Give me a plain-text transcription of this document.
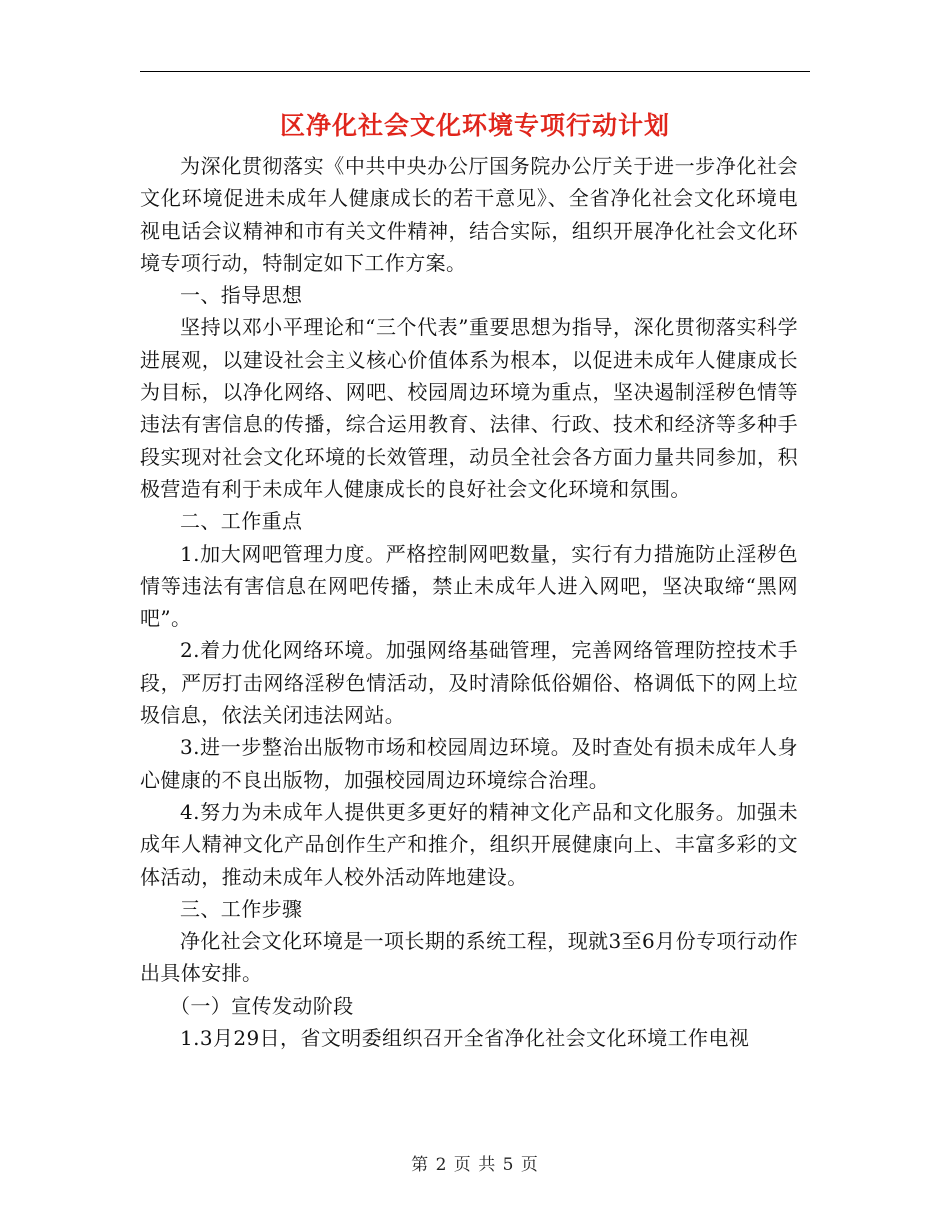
区净化社会文化环境专项行动计划

为深化贯彻落实《中共中央办公厅国务院办公厅关于进一步净化社会文化环境促进未成年人健康成长的若干意见》、全省净化社会文化环境电视电话会议精神和市有关文件精神，结合实际，组织开展净化社会文化环境专项行动，特制定如下工作方案。

一、指导思想

坚持以邓小平理论和“三个代表”重要思想为指导，深化贯彻落实科学进展观，以建设社会主义核心价值体系为根本，以促进未成年人健康成长为目标，以净化网络、网吧、校园周边环境为重点，坚决遏制淫秽色情等违法有害信息的传播，综合运用教育、法律、行政、技术和经济等多种手段实现对社会文化环境的长效管理，动员全社会各方面力量共同参加，积极营造有利于未成年人健康成长的良好社会文化环境和氛围。

二、工作重点

1.加大网吧管理力度。严格控制网吧数量，实行有力措施防止淫秽色情等违法有害信息在网吧传播，禁止未成年人进入网吧，坚决取缔“黑网吧”。

2.着力优化网络环境。加强网络基础管理，完善网络管理防控技术手段，严厉打击网络淫秽色情活动，及时清除低俗媚俗、格调低下的网上垃圾信息，依法关闭违法网站。

3.进一步整治出版物市场和校园周边环境。及时查处有损未成年人身心健康的不良出版物，加强校园周边环境综合治理。

4.努力为未成年人提供更多更好的精神文化产品和文化服务。加强未成年人精神文化产品创作生产和推介，组织开展健康向上、丰富多彩的文体活动，推动未成年人校外活动阵地建设。

三、工作步骤

净化社会文化环境是一项长期的系统工程，现就3至6月份专项行动作出具体安排。

（一）宣传发动阶段

1.3月29日，省文明委组织召开全省净化社会文化环境工作电视

第 2 页 共 5 页
